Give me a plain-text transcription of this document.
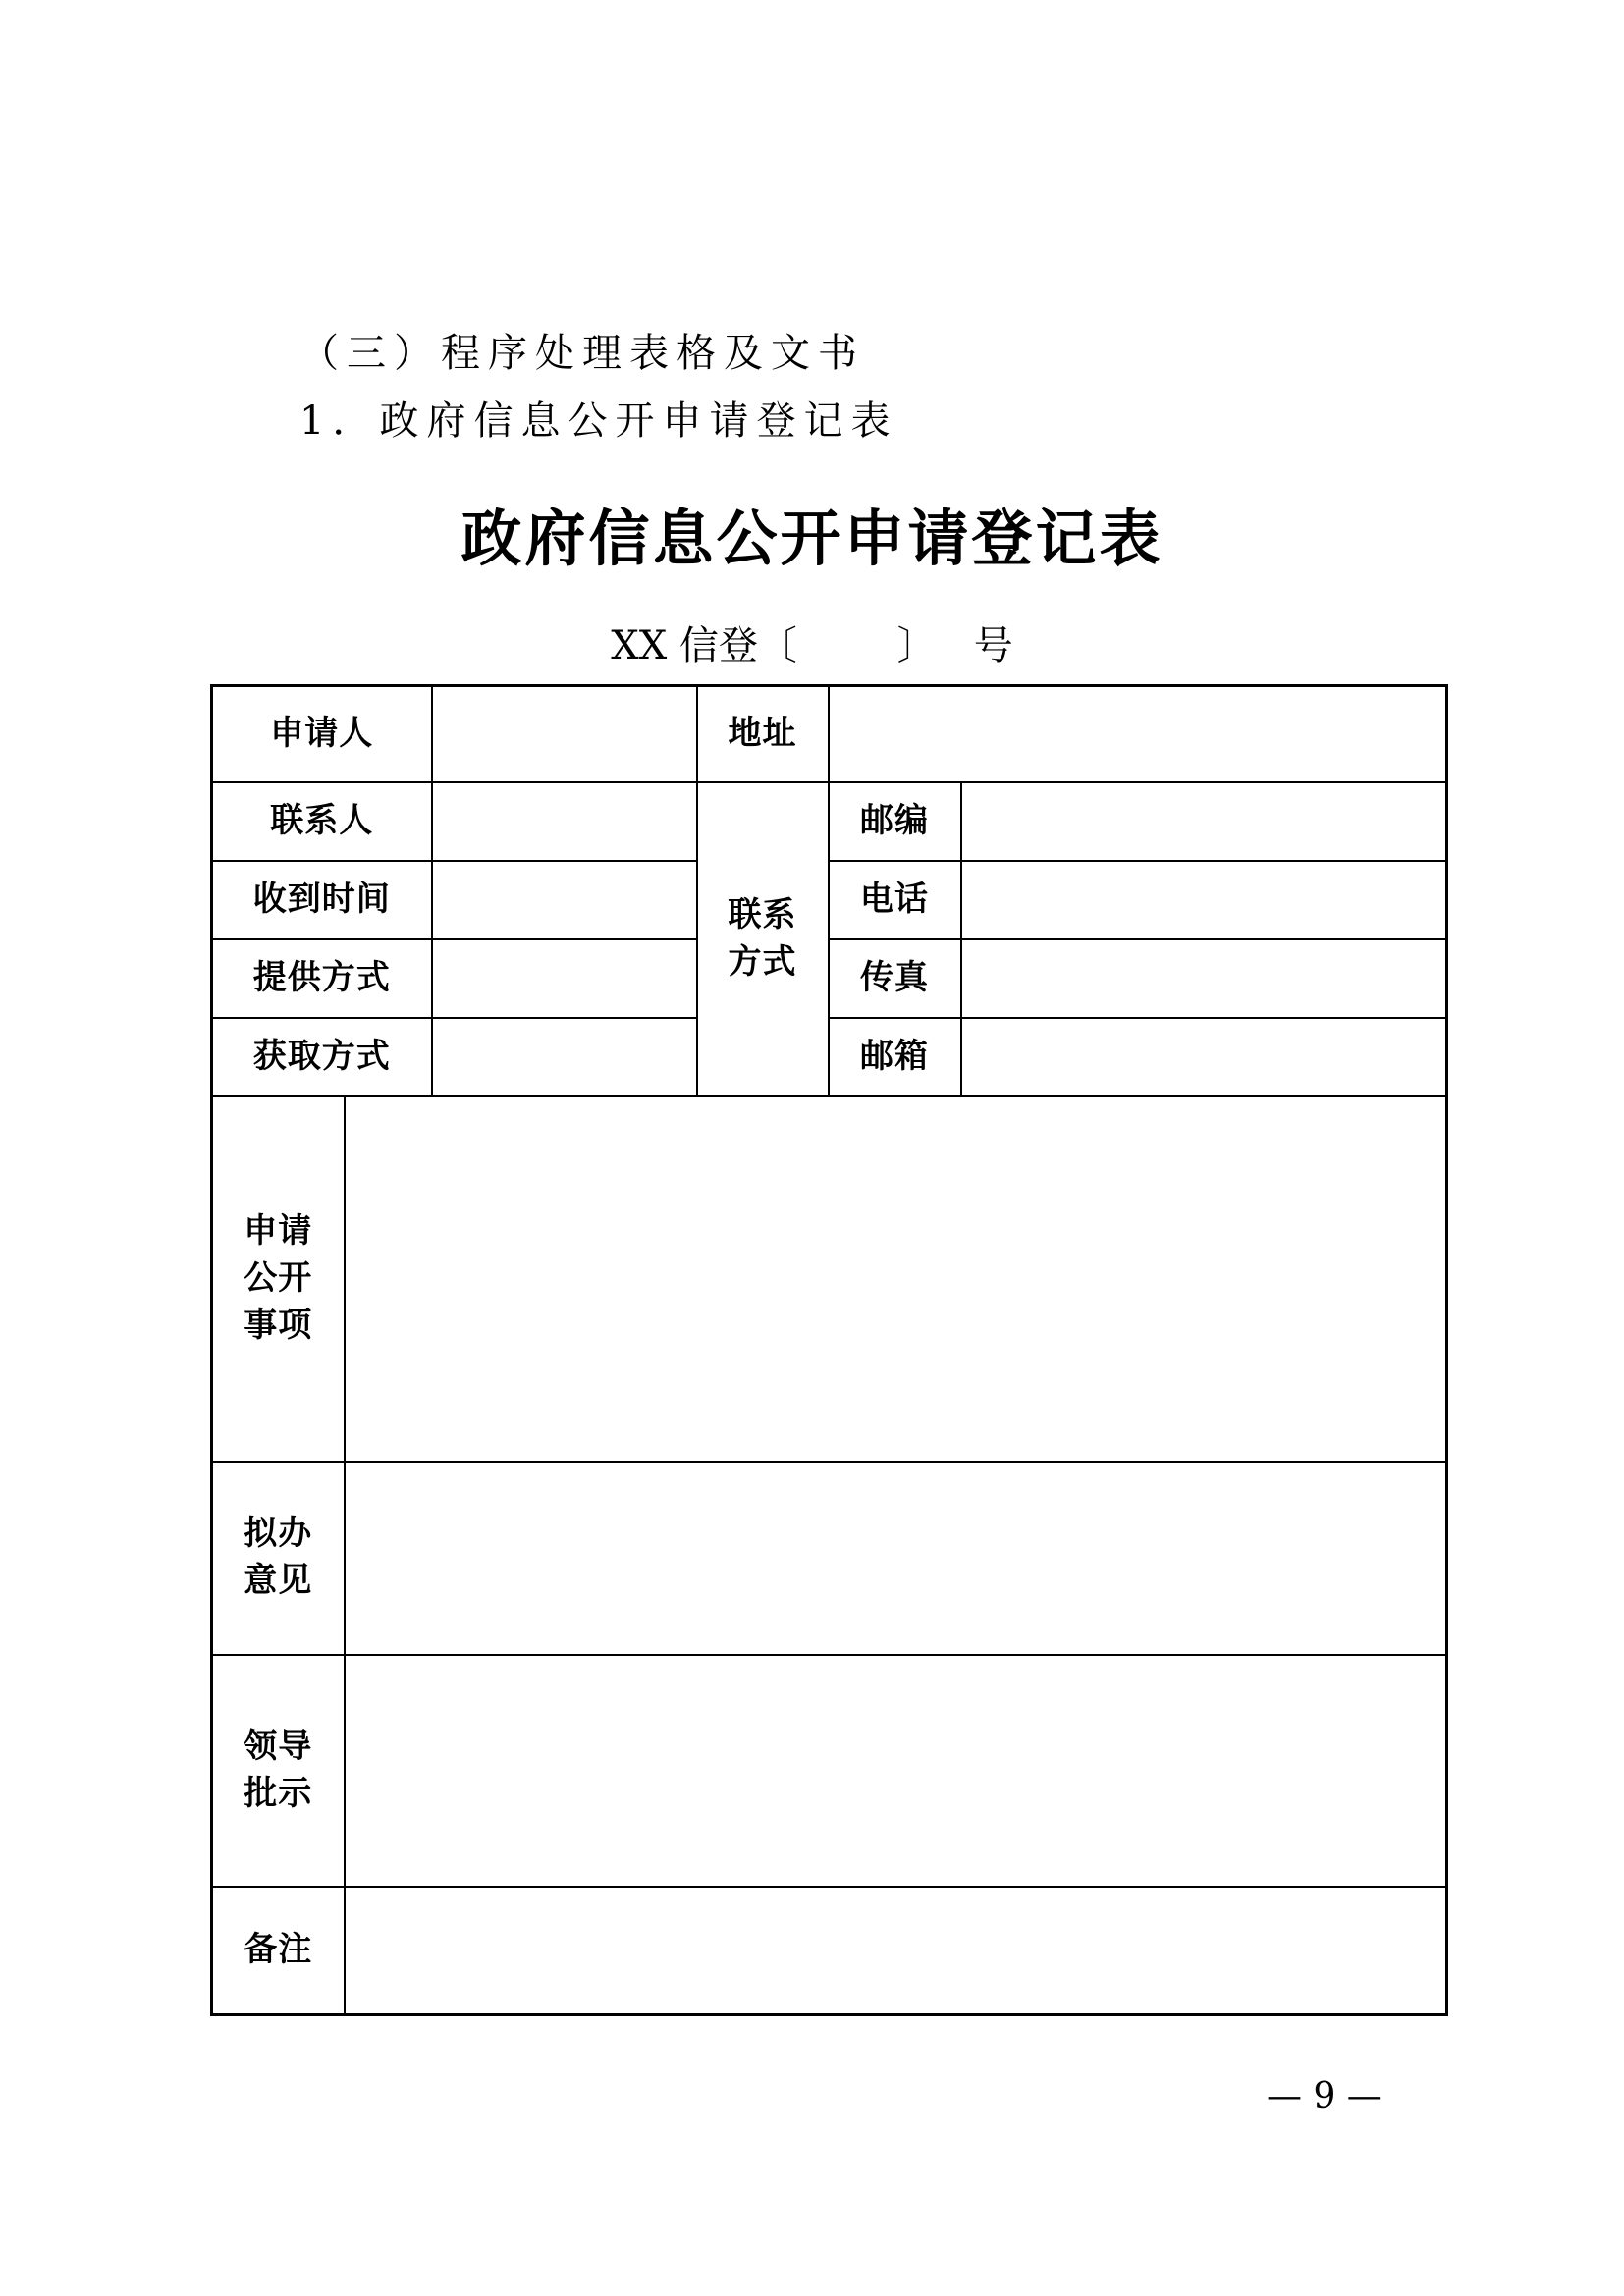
（三）程序处理表格及文书
1．政府信息公开申请登记表
政府信息公开申请登记表
XX 信登〔        〕   号
申请人			地址		
联系人			联系方式	邮编	
收到时间				电话	
提供方式				传真	
获取方式				邮箱	
申请公开事项					
拟办意见					
领导批示					
备注					
— 9 —
